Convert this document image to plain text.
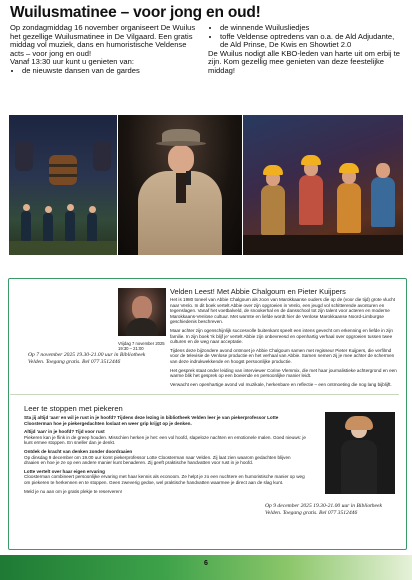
Wuilusmatinee – voor jong en oud!

Op zondagmiddag 16 november organiseert De Wuilus het gezellige Wuilusmatinee in De Vilgaard. Een gratis middag vol muziek, dans en humoristische Veldense acts – voor jong en oud!

Vanaf 13:30 uur kunt u genieten van:

• de nieuwste dansen van de gardes
• de winnende Wuilusliedjes
• toffe Veldense optredens van o.a. de Ald Adjudante, de Ald Prinse, De Kwis en Showtiet 2.0

De Wuilus nodigt alle KBO-leden van harte uit om erbij te zijn. Kom gezellig mee genieten van deze feestelijke middag!

Velden Leest! Met Abbie Chalgoum en Pieter Kuijpers
Vrijdag 7 november 2025 19:30 – 21:00

Het is 1980 toneel van Abbie Chalgoum als zoon van Marokkaanse ouders die op de (voor die tijd) grote vlucht naar Venlo. In dit boek vertelt Abbie over zijn opgroeien in Venlo, een jeugd vol schitterende avonturen en tegenslagen. Vanaf het voetbalveld, de snookerhal en de dansschool tot zijn talent voor acteren en moderne Marokkaans-Venlose cultuur. Met warmte en liefde wordt hier de Venlose Marokkaanse Noord-Limburgse geschiedenis beschreven.

Maar achter zijn ogenschijnlijk succesvolle buitenkant speelt een intens gevecht om erkenning en liefde in zijn familie. In zijn boek 'Ik blijf je' vertelt Abbie zijn onbevreesd en openhartig verhaal over opgroeien tussen twee culturen en de weg naar acceptatie.

Tijdens deze bijzondere avond ontmoet je Abbie Chalgoum samen met regisseur Pieter Kuijpers, die verfilmd voor de televisie de Venlose productie en het verhaal van Abbie. Samen nemen zij je mee achter de schermen van deze indrukwekkende en hoogst persoonlijke productie.

Het gesprek staat onder leiding van interviewer Corine Vlemmix, die met haar journalistieke achtergrond en een warme blik het gesprek op een boeiende en persoonlijke manier leidt.

Verwacht een openhartige avond vol muzikale, herkenbare en reflectie – een ontmoeting die nog lang bijblijft.

Op 7 november 2025 19.30-21.00 uur in Bibliotheek Velden. Toegang gratis. Bel 077 3512446
Leer te stoppen met piekeren

Sta jij altijd 'aan' en wil je rust in je hoofd? Tijdens deze lezing in bibliotheek Velden leer je van piekerprofessor Lotte Cloosterman hoe je piekergedachten loslaat en weer grip krijgt op je denken.

Altijd 'aan' in je hoofd? Tijd voor rust

Piekeren kan je flink in de greep houden. Misschien herken je het: een vol hoofd, slapeloze nachten en emotionele malen. Goed nieuws: je kunt ermee stoppen. En sneller dan je denkt.

Ontdek de kracht van denken zonder doordraaien

Op dinsdag 9 december om 19.00 uur komt piekerprofessor Lotte Cloosterman naar Velden. Zij laat zien waarom gedachten blijven draaien en hoe je ze op een andere manier kunt benaderen. Zij geeft praktische handvatten voor rust in je hoofd.

Lotte vertelt over haar eigen ervaring

Cloosterman combineert persoonlijke ervaring met haar kennis als econoom. Ze helpt je zo een nuchtere en humoristische manier op weg om piekeren te herkennen en te stoppen. Geen zweverig gedoe, wel praktische handvatten waarmee je direct aan de slag kunt.

Meld je nu aan om je gratis plekje te reserveren!

Op 9 december 2025 19.30-21.00 uur in Bibliotheek Velden. Toegang gratis. Bel 077 3512446
6
